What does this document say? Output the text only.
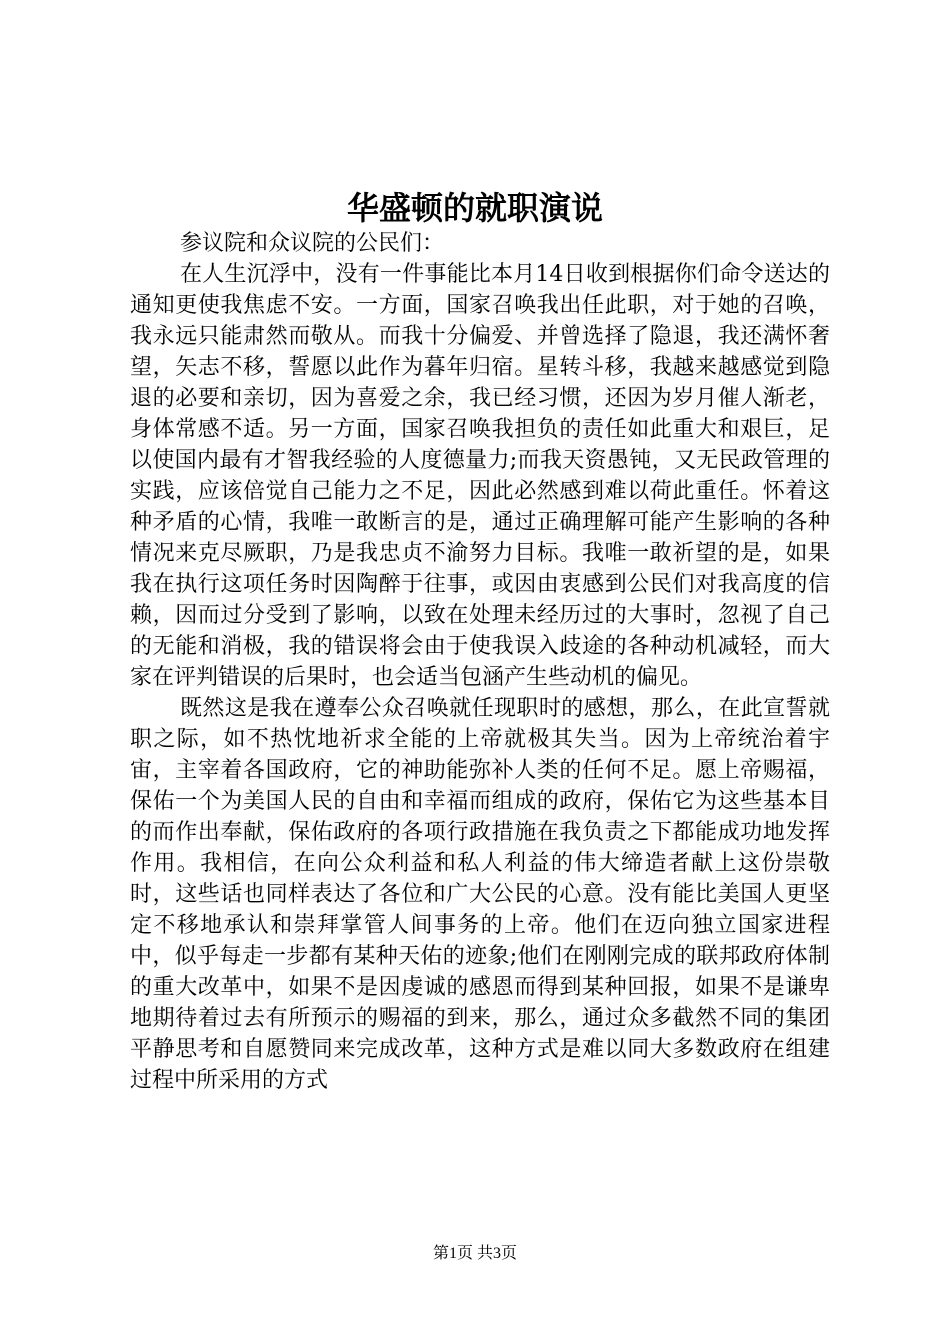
华盛顿的就职演说

参议院和众议院的公民们：

在人生沉浮中，没有一件事能比本月14日收到根据你们命令送达的通知更使我焦虑不安。一方面，国家召唤我出任此职，对于她的召唤，我永远只能肃然而敬从。而我十分偏爱、并曾选择了隐退，我还满怀奢望，矢志不移，誓愿以此作为暮年归宿。星转斗移，我越来越感觉到隐退的必要和亲切，因为喜爱之余，我已经习惯，还因为岁月催人渐老，身体常感不适。另一方面，国家召唤我担负的责任如此重大和艰巨，足以使国内最有才智我经验的人度德量力;而我天资愚钝，又无民政管理的实践，应该倍觉自己能力之不足，因此必然感到难以荷此重任。怀着这种矛盾的心情，我唯一敢断言的是，通过正确理解可能产生影响的各种情况来克尽厥职，乃是我忠贞不渝努力目标。我唯一敢祈望的是，如果我在执行这项任务时因陶醉于往事，或因由衷感到公民们对我高度的信赖，因而过分受到了影响，以致在处理未经历过的大事时，忽视了自己的无能和消极，我的错误将会由于使我误入歧途的各种动机减轻，而大家在评判错误的后果时，也会适当包涵产生些动机的偏见。

既然这是我在遵奉公众召唤就任现职时的感想，那么，在此宣誓就职之际，如不热忱地祈求全能的上帝就极其失当。因为上帝统治着宇宙，主宰着各国政府，它的神助能弥补人类的任何不足。愿上帝赐福，保佑一个为美国人民的自由和幸福而组成的政府，保佑它为这些基本目的而作出奉献，保佑政府的各项行政措施在我负责之下都能成功地发挥作用。我相信，在向公众利益和私人利益的伟大缔造者献上这份崇敬时，这些话也同样表达了各位和广大公民的心意。没有能比美国人更坚定不移地承认和崇拜掌管人间事务的上帝。他们在迈向独立国家进程中，似乎每走一步都有某种天佑的迹象;他们在刚刚完成的联邦政府体制的重大改革中，如果不是因虔诚的感恩而得到某种回报，如果不是谦卑地期待着过去有所预示的赐福的到来，那么，通过众多截然不同的集团平静思考和自愿赞同来完成改革，这种方式是难以同大多数政府在组建过程中所采用的方式

第1页 共3页
